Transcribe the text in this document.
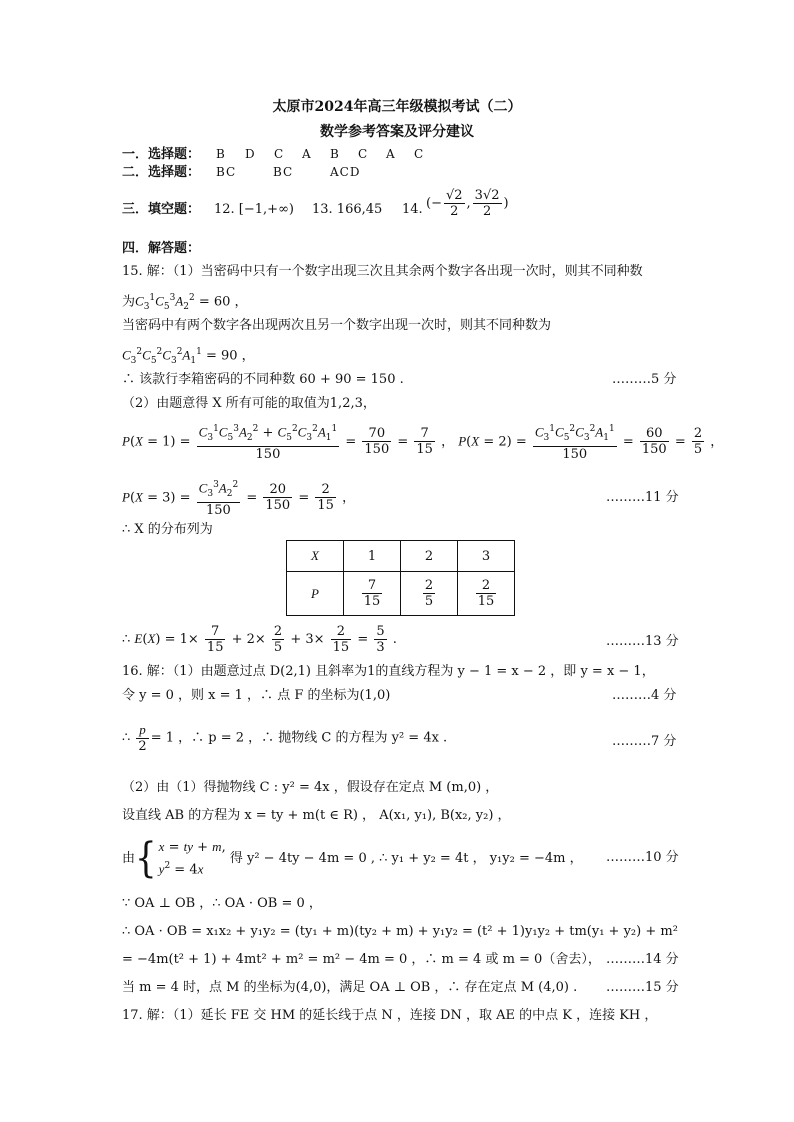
太原市2024年高三年级模拟考试（二）
数学参考答案及评分建议
一．选择题： B D C A B C A C
二．选择题： BC	BC	ACD
三．填空题： 12. [−1,+∞) 13. 166,45 14. (− $\frac{√2}{2}$ , $\frac{3√2}{2}$ )
四．解答题：
15. 解：（1）当密码中只有一个数字出现三次且其余两个数字各出现一次时，则其不同种数
为$C_3^1C_5^3A_2^2 = 60$ ，
当密码中有两个数字各出现两次且另一个数字出现一次时，则其不同种数为
$C_3^2C_5^2C_3^2A_1^1 = 90$ ，
∴ 该款行李箱密码的不同种数 60 + 90 = 150 .	………5 分
（2）由题意得 X 所有可能的取值为1,2,3，
$P(X = 1) = \frac{C_3^1C_5^3A_2^2 + C_5^2C_3^2A_1^1}{150} = \frac{70}{150} = \frac{7}{15}$ ， $P(X = 2) = \frac{C_3^1C_5^2C_3^2A_1^1}{150} = \frac{60}{150} = \frac{2}{5}$ ，
$P(X = 3) = \frac{C_3^3A_2^2}{150} = \frac{20}{150} = \frac{2}{15}$ ，	………11 分
∴ X 的分布列为
X	1	2	3
P	$\frac{7}{15}$	$\frac{2}{5}$	$\frac{2}{15}$
∴ $E(X) = 1\times \frac{7}{15} + 2\times \frac{2}{5} + 3\times \frac{2}{15} = \frac{5}{3}$ .	………13 分
16. 解：（1）由题意过点 D(2,1) 且斜率为1的直线方程为 y − 1 = x − 2 ，即 y = x − 1，
令 y = 0 ，则 x = 1 ，∴ 点 F 的坐标为(1,0)	………4 分
∴ $\frac{p}{2} = 1$ ，∴ p = 2 ，∴ 抛物线 C 的方程为 y² = 4x .	………7 分
（2）由（1）得抛物线 C : y² = 4x ，假设存在定点 M (m,0) ，
设直线 AB 的方程为 x = ty + m(t ∈ R) ， A(x₁, y₁), B(x₂, y₂) ，
由{ x = ty + m,
$y^2 = 4x$
得 y² − 4ty − 4m = 0 , ∴ y₁ + y₂ = 4t ， y₁y₂ = −4m ， ………10 分
∵ OA ⊥ OB ，∴ OA · OB = 0 ，
∴ OA · OB = x₁x₂ + y₁y₂ = (ty₁ + m)(ty₂ + m) + y₁y₂ = (t² + 1)y₁y₂ + tm(y₁ + y₂) + m²
= −4m(t² + 1) + 4mt² + m² = m² − 4m = 0 ，∴ m = 4 或 m = 0（舍去）， ………14 分
当 m = 4 时，点 M 的坐标为(4,0)，满足 OA ⊥ OB ，∴ 存在定点 M (4,0) . ………15 分
17. 解：（1）延长 FE 交 HM 的延长线于点 N ，连接 DN ，取 AE 的中点 K ，连接 KH ，
